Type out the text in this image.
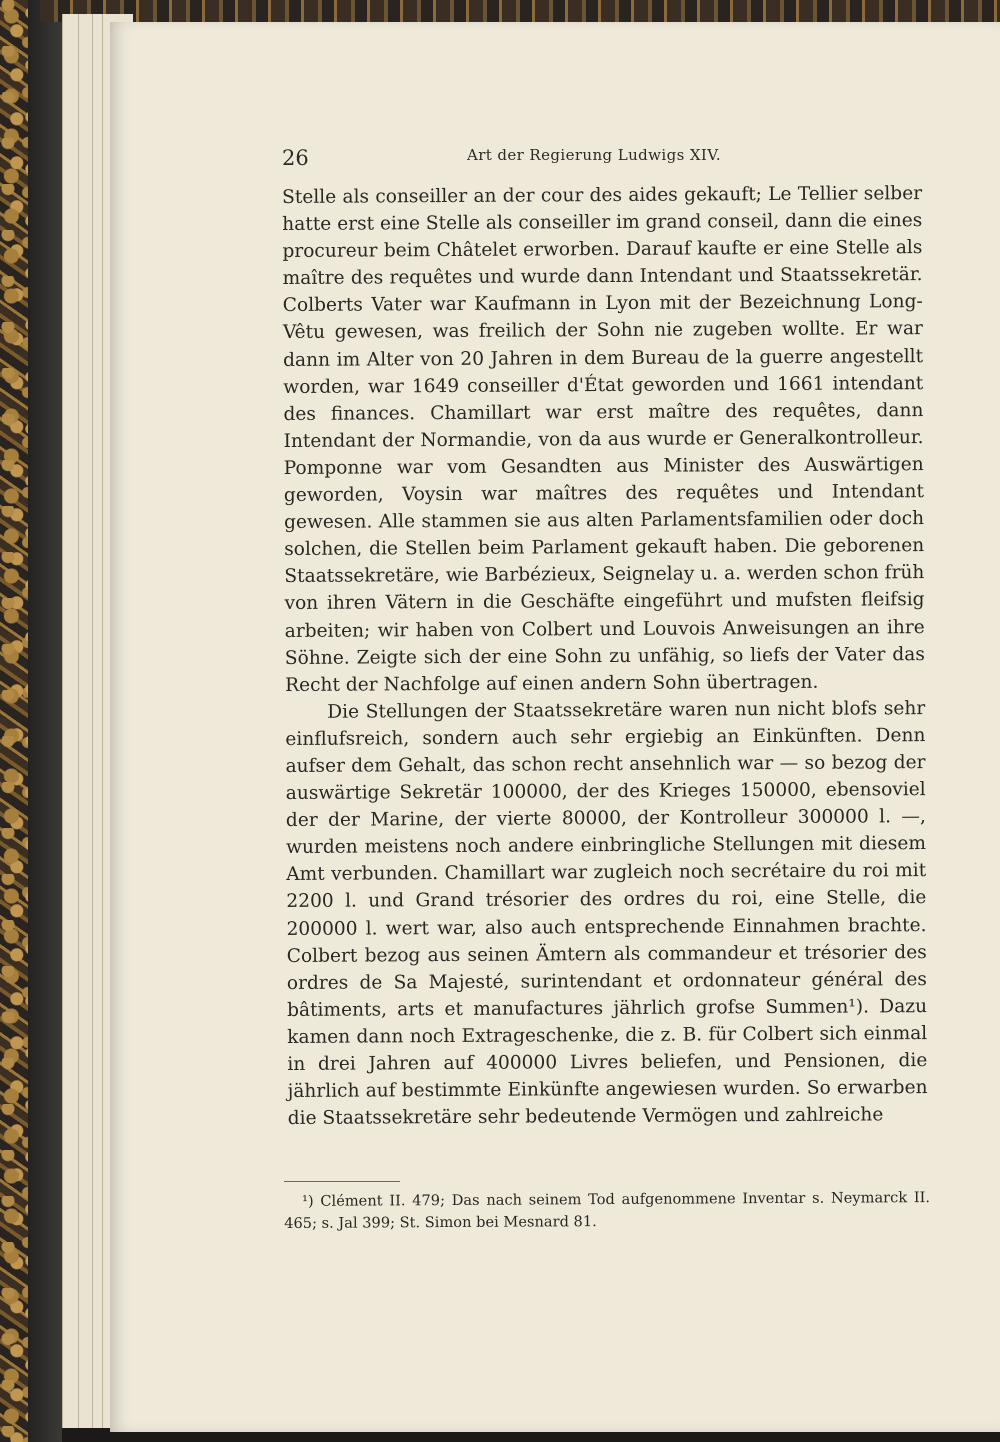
26	Art der Regierung Ludwigs XIV.

Stelle als conseiller an der cour des aides gekauft; Le Tellier selber hatte erst eine Stelle als conseiller im grand conseil, dann die eines procureur beim Châtelet erworben. Darauf kaufte er eine Stelle als maître des requêtes und wurde dann Intendant und Staatssekretär. Colberts Vater war Kaufmann in Lyon mit der Bezeichnung Long-Vêtu gewesen, was freilich der Sohn nie zugeben wollte. Er war dann im Alter von 20 Jahren in dem Bureau de la guerre angestellt worden, war 1649 conseiller d'État geworden und 1661 intendant des finances. Chamillart war erst maître des requêtes, dann Intendant der Normandie, von da aus wurde er Generalkontrolleur. Pomponne war vom Gesandten aus Minister des Auswärtigen geworden, Voysin war maîtres des requêtes und Intendant gewesen. Alle stammen sie aus alten Parlamentsfamilien oder doch solchen, die Stellen beim Parlament gekauft haben. Die geborenen Staatssekretäre, wie Barbézieux, Seignelay u. a. werden schon früh von ihren Vätern in die Geschäfte eingeführt und mufsten fleifsig arbeiten; wir haben von Colbert und Louvois Anweisungen an ihre Söhne. Zeigte sich der eine Sohn zu unfähig, so liefs der Vater das Recht der Nachfolge auf einen andern Sohn übertragen.

Die Stellungen der Staatssekretäre waren nun nicht blofs sehr einflufsreich, sondern auch sehr ergiebig an Einkünften. Denn aufser dem Gehalt, das schon recht ansehnlich war — so bezog der auswärtige Sekretär 100000, der des Krieges 150000, ebensoviel der der Marine, der vierte 80000, der Kontrolleur 300000 l. —, wurden meistens noch andere einbringliche Stellungen mit diesem Amt verbunden. Chamillart war zugleich noch secrétaire du roi mit 2200 l. und Grand trésorier des ordres du roi, eine Stelle, die 200000 l. wert war, also auch entsprechende Einnahmen brachte. Colbert bezog aus seinen Ämtern als commandeur et trésorier des ordres de Sa Majesté, surintendant et ordonnateur général des bâtiments, arts et manufactures jährlich grofse Summen¹). Dazu kamen dann noch Extrageschenke, die z. B. für Colbert sich einmal in drei Jahren auf 400000 Livres beliefen, und Pensionen, die jährlich auf bestimmte Einkünfte angewiesen wurden. So erwarben die Staatssekretäre sehr bedeutende Vermögen und zahlreiche

¹) Clément II. 479; Das nach seinem Tod aufgenommene Inventar s. Neymarck II. 465; s. Jal 399; St. Simon bei Mesnard 81.
